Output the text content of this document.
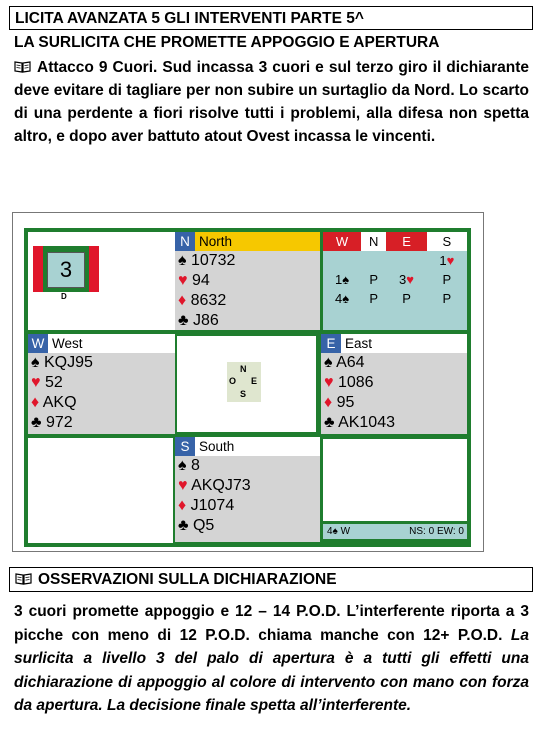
LICITA AVANZATA 5 GLI INTERVENTI PARTE 5^
LA SURLICITA CHE PROMETTE APPOGGIO E APERTURA
Attacco 9 Cuori. Sud incassa 3 cuori e sul terzo giro il dichiarante deve evitare di tagliare per non subire un surtaglio da Nord. Lo scarto di una perdente a fiori risolve tutti i problemi, alla difesa non spetta altro, e dopo aver battuto atout Ovest incassa le vincenti.
3
D
N North
♠ 10732
♥ 94
♦ 8632
♣ J86
W	N	E	S
			1♥
1♠	P	3♥	P
4♠	P	P	P
W West
♠ KQJ95
♥ 52
♦ AKQ
♣ 972
N
O E
S
E East
♠ A64
♥ 1086
♦ 95
♣ AK1043
S South
♠ 8
♥ AKQJ73
♦ J1074
♣ Q5	4♠ W	NS: 0 EW: 0
OSSERVAZIONI SULLA DICHIARAZIONE
3 cuori promette appoggio e 12 – 14 P.O.D. L’interferente riporta a 3 picche con meno di 12 P.O.D. chiama manche con 12+ P.O.D. La surlicita a livello 3 del palo di apertura è a tutti gli effetti una dichiarazione di appoggio al colore di intervento con mano con forza da apertura. La decisione finale spetta all’interferente.
